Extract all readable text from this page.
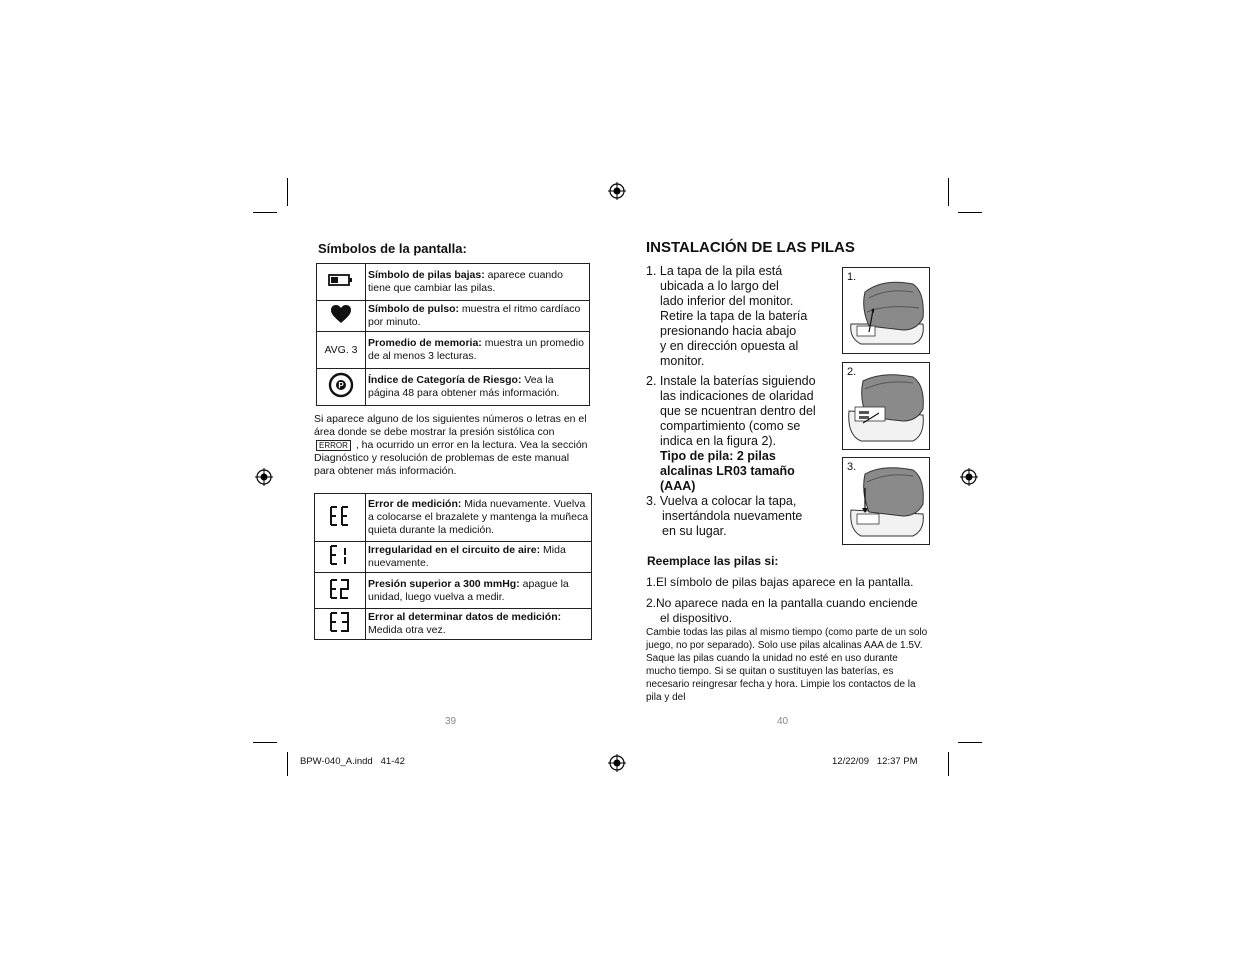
Símbolos de la pantalla:
	Símbolo de pilas bajas: aparece cuando tiene que cambiar las pilas.
	Símbolo de pulso: muestra el ritmo cardíaco por minuto.
AVG. 3	Promedio de memoria: muestra un promedio de al menos 3 lecturas.

P	Índice de Categoría de Riesgo: Vea la página 48 para obtener más información.
Si aparece alguno de los siguientes números o letras en el área donde se debe mostrar la presión sistólica con ERROR , ha ocurrido un error en la lectura. Vea la sección Diagnóstico y resolución de problemas de este manual para obtener más información.
	Error de medición: Mida nuevamente. Vuelva a colocarse el brazalete y mantenga la muñeca quieta durante la medición.
	Irregularidad en el circuito de aire: Mida nuevamente.
	Presión superior a 300 mmHg: apague la unidad, luego vuelva a medir.
	Error al determinar datos de medición: Medida otra vez.
39
INSTALACIÓN DE LAS PILAS

1. La tapa de la pila está

ubicada a lo largo del

lado inferior del monitor.

Retire la tapa de la batería

presionando hacia abajo

y en dirección opuesta al

monitor.

2. Instale la baterías siguiendo

las indicaciones de olaridad

que se ncuentran dentro del

compartimiento (como se

indica en la figura 2).

Tipo de pila: 2 pilas

alcalinas LR03 tamaño

(AAA)

3. Vuelva a colocar la tapa,

insertándola nuevamente

en su lugar.

1.
2.
3.
Reemplace las pilas si:
1.El símbolo de pilas bajas aparece en la pantalla.
2.No aparece nada en la pantalla cuando enciende
el dispositivo.
Cambie todas las pilas al mismo tiempo (como parte de un solo juego, no por separado). Solo use pilas alcalinas AAA de 1.5V. Saque las pilas cuando la unidad no esté en uso durante mucho tiempo. Si se quitan o sustituyen las baterías, es necesario reingresar fecha y hora. Limpie los contactos de la pila y del
40
BPW-040_A.indd   41-42	12/22/09   12:37 PM
